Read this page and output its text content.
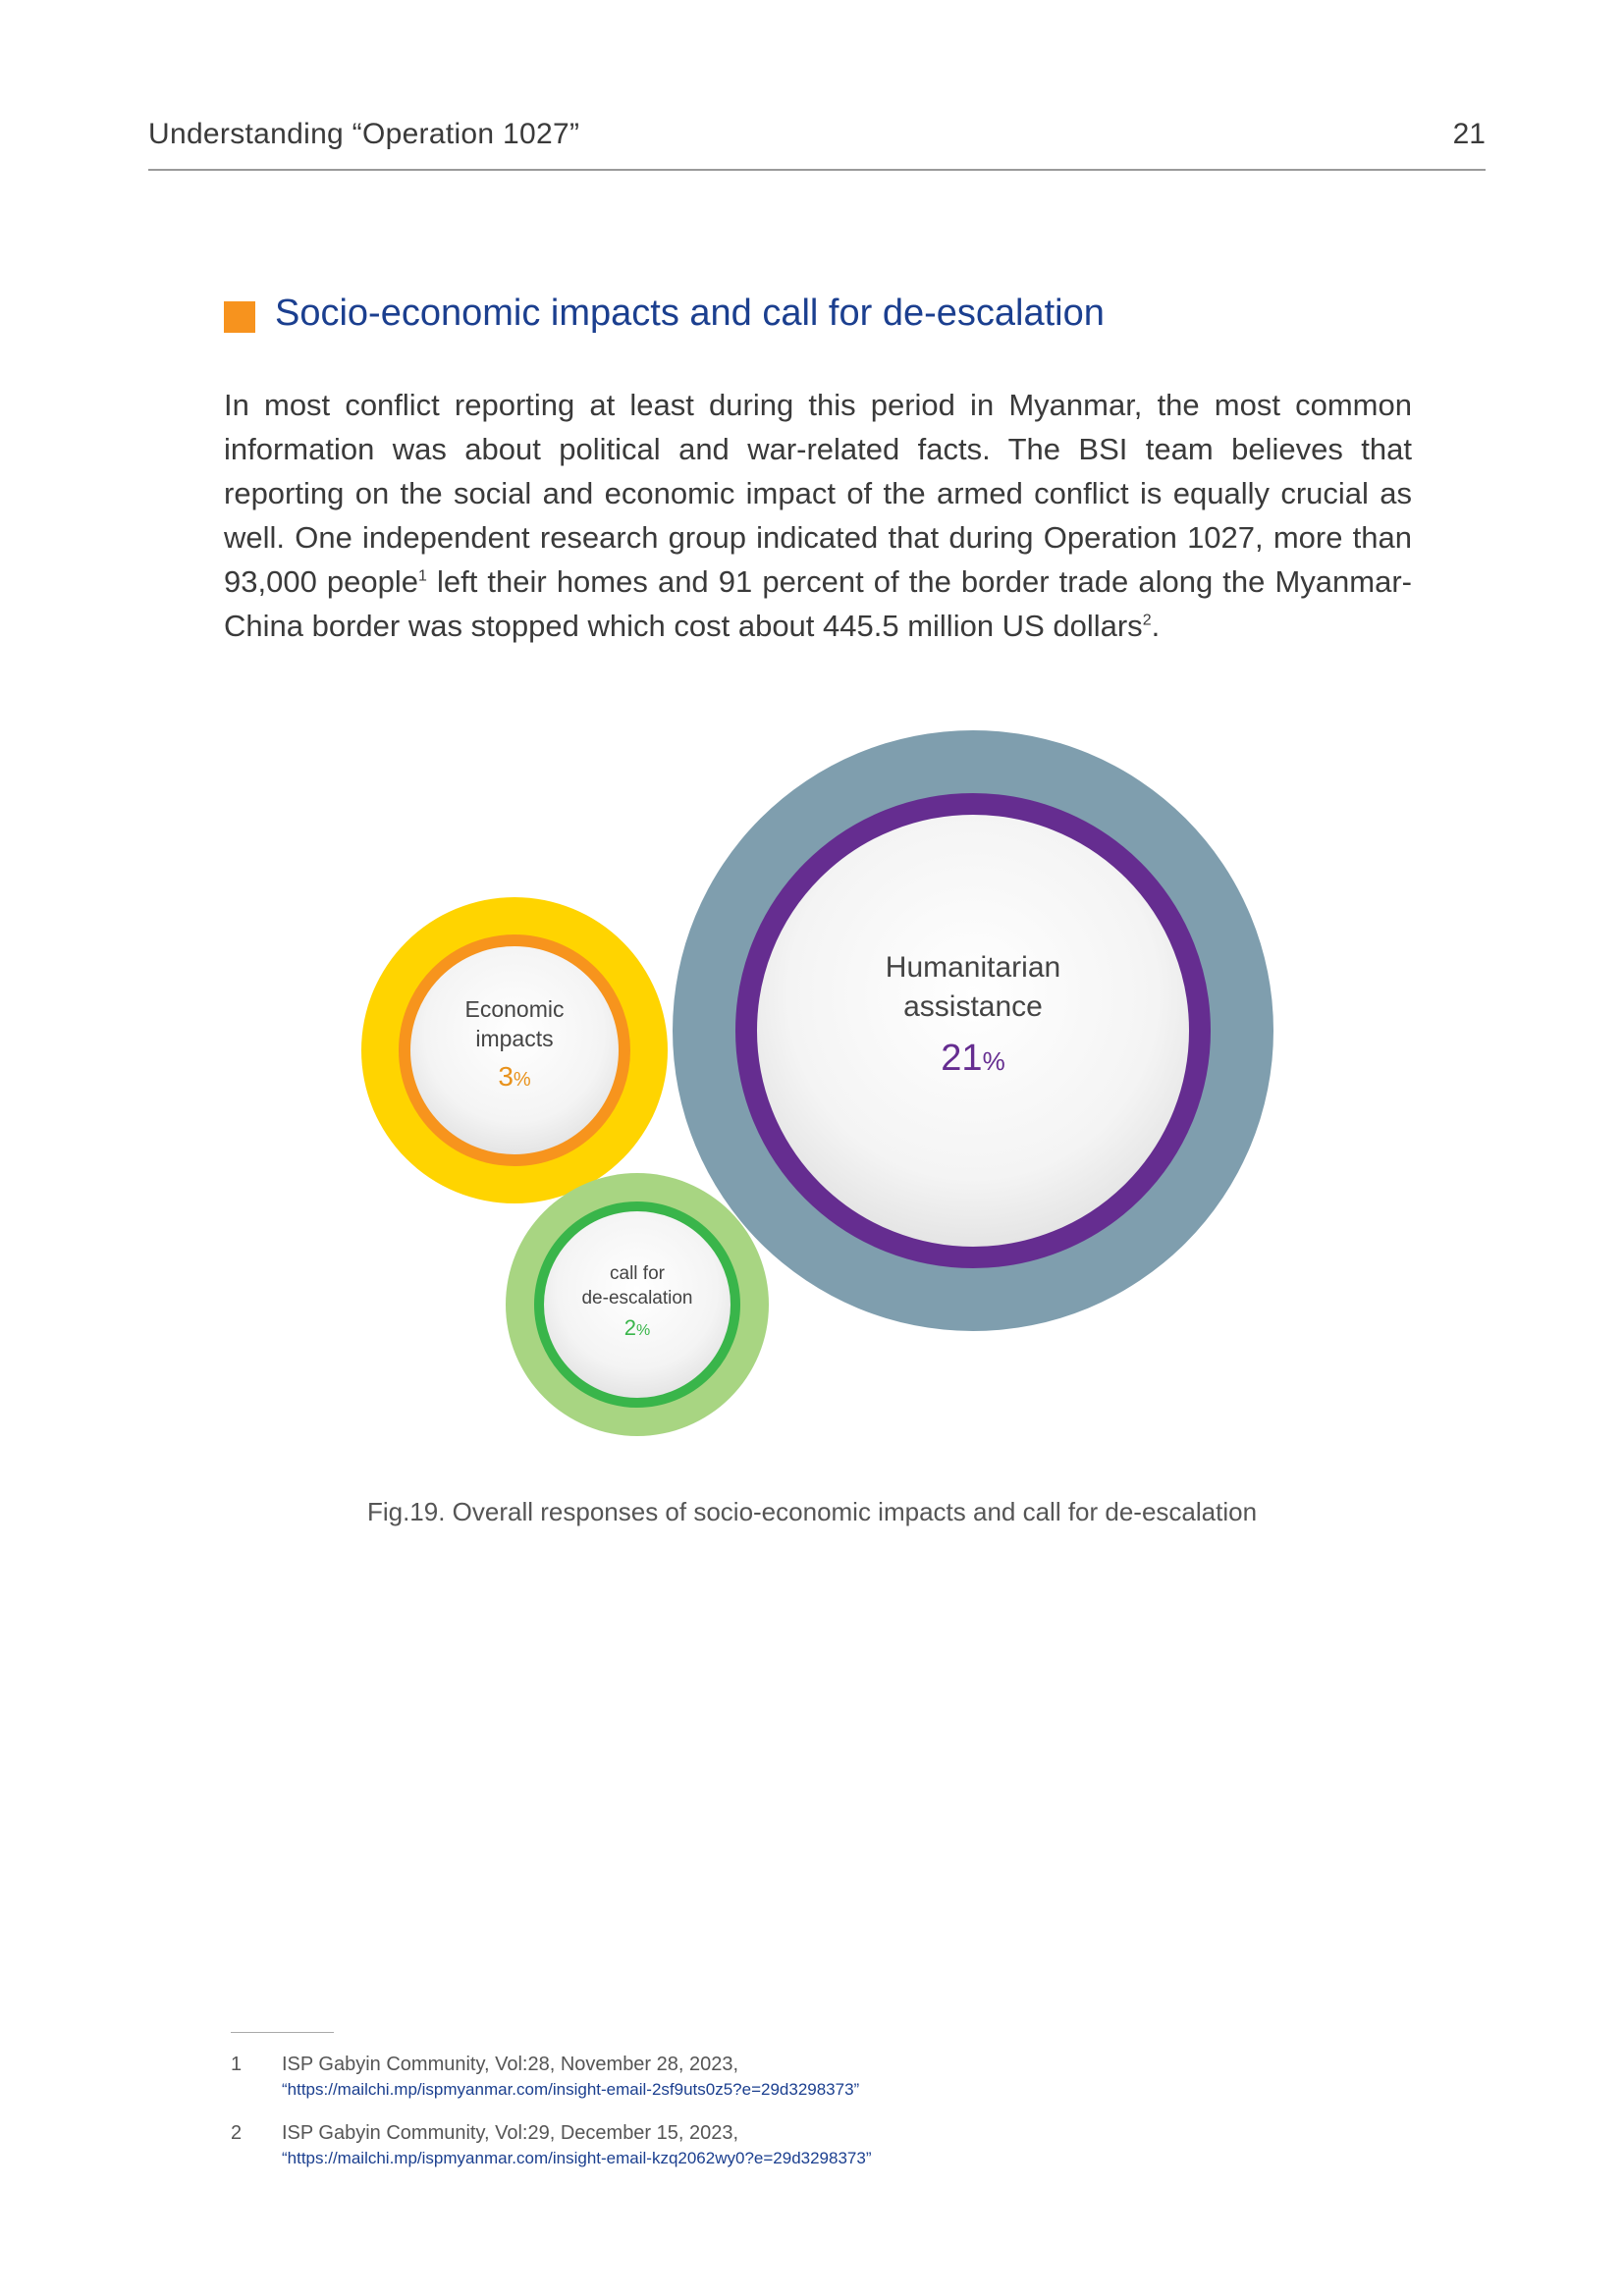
Understanding “Operation 1027”	21
Socio-economic impacts and call for de-escalation

In most conflict reporting at least during this period in Myanmar, the most common information was about political and war-related facts. The BSI team believes that reporting on the social and economic impact of the armed conflict is equally crucial as well. One independent research group indicated that during Operation 1027, more than 93,000 people$^1$ left their homes and 91 percent of the border trade along the Myanmar-China border was stopped which cost about 445.5 million US dollars$^2$.

Humanitarian
assistance
21%
Economic
impacts
3%
call for
de-escalation
2%
Fig.19. Overall responses of socio-economic impacts and call for de-escalation
1 ISP Gabyin Community, Vol:28, November 28, 2023,
“https://mailchi.mp/ispmyanmar.com/insight-email-2sf9uts0z5?e=29d3298373”
2 ISP Gabyin Community, Vol:29, December 15, 2023,
“https://mailchi.mp/ispmyanmar.com/insight-email-kzq2062wy0?e=29d3298373”
